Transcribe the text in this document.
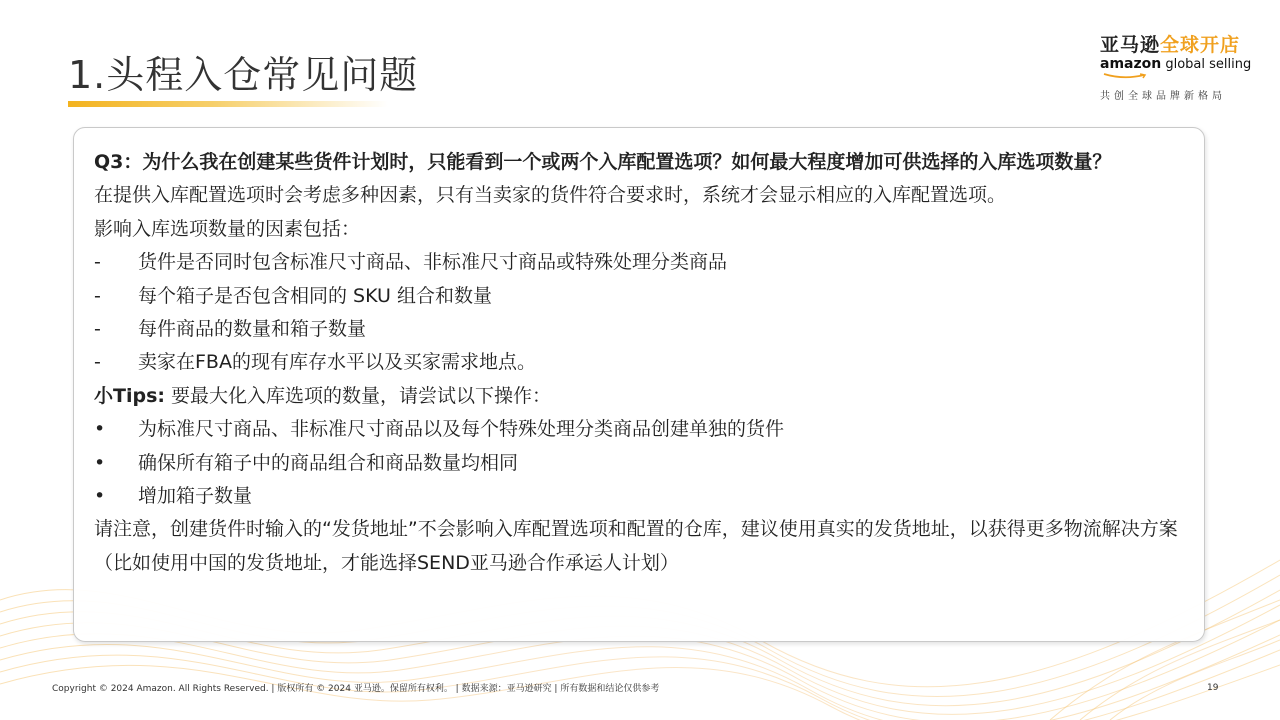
1.头程入仓常见问题
亚马逊全球开店
amazon global selling
共创全球品牌新格局
Q3：为什么我在创建某些货件计划时，只能看到一个或两个入库配置选项？如何最大程度增加可供选择的入库选项数量？
在提供入库配置选项时会考虑多种因素，只有当卖家的货件符合要求时，系统才会显示相应的入库配置选项。
影响入库选项数量的因素包括：
-	货件是否同时包含标准尺寸商品、非标准尺寸商品或特殊处理分类商品
-	每个箱子是否包含相同的 SKU 组合和数量
-	每件商品的数量和箱子数量
-	卖家在FBA的现有库存水平以及买家需求地点。
小Tips: 要最大化入库选项的数量，请尝试以下操作：
•	为标准尺寸商品、非标准尺寸商品以及每个特殊处理分类商品创建单独的货件
•	确保所有箱子中的商品组合和商品数量均相同
•	增加箱子数量
请注意，创建货件时输入的“发货地址”不会影响入库配置选项和配置的仓库，建议使用真实的发货地址，以获得更多物流解决方案（比如使用中国的发货地址，才能选择SEND亚马逊合作承运人计划）
Copyright © 2024 Amazon. All Rights Reserved. | 版权所有 © 2024 亚马逊。保留所有权利。 | 数据来源：亚马逊研究 | 所有数据和结论仅供参考	19
